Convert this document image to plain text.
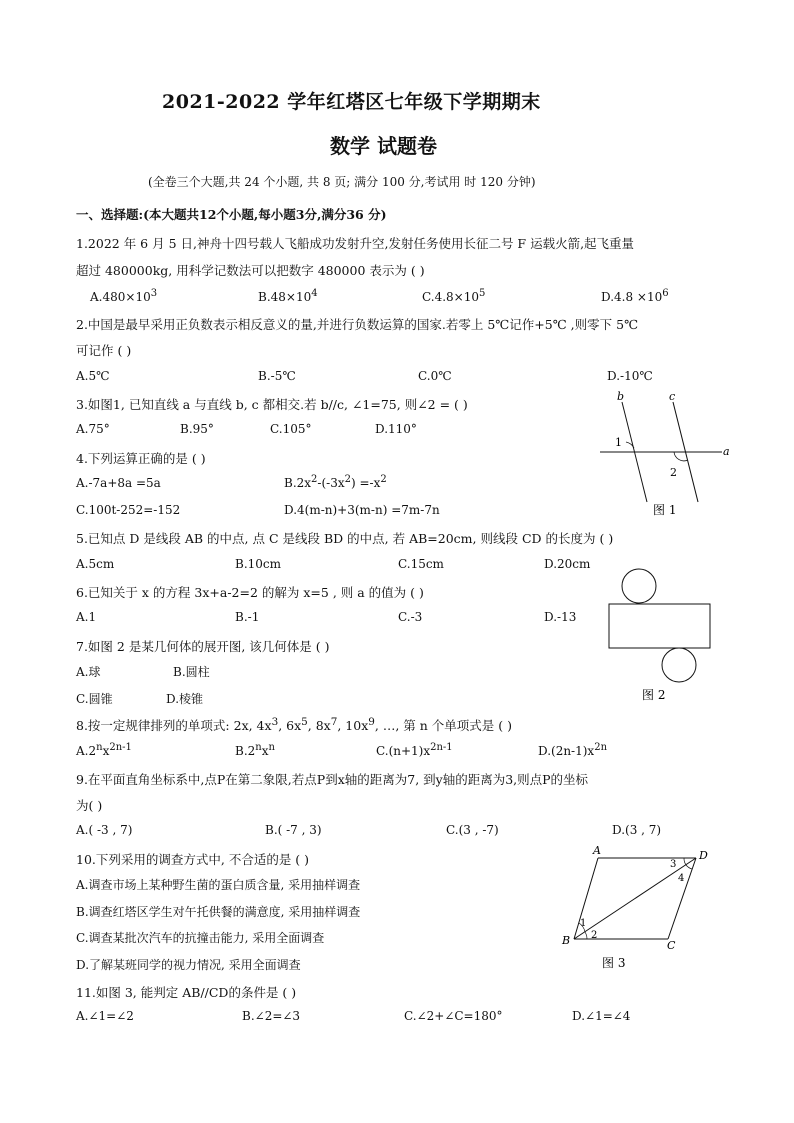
2021-2022 学年红塔区七年级下学期期末
数学 试题卷
(全卷三个大题,共 24 个小题, 共 8 页; 满分 100 分,考试用 时 120 分钟)
一、选择题:(本大题共12个小题,每小题3分,满分36 分)
1.2022 年 6 月 5 日,神舟十四号载人飞船成功发射升空,发射任务使用长征二号 F 运载火箭,起飞重量
超过 480000kg, 用科学记数法可以把数字 480000 表示为 ( )
$A.480\times 10^3$	$B.48\times 10^4$	$C.4.8\times 10^5$	$D.4.8 \times 10^6$
2.中国是最早采用正负数表示相反意义的量,并进行负数运算的国家.若零上 5℃记作+5℃ ,则零下 5℃
可记作 ( )
A.5℃	B.-5℃	C.0℃	D.-10℃
3.如图1, 已知直线 a 与直线 b, c 都相交.若 b//c, ∠1=75, 则∠2 = ( )
A.75°	B.95°	C.105°	D.110°
b	c
a
1
2
图 1
4.下列运算正确的是 ( )
A.-7a+8a =5a	$B.2x^2-(-3x^2) =-x^2$
C.100t-252=-152	D.4(m-n)+3(m-n) =7m-7n
5.已知点 D 是线段 AB 的中点, 点 C 是线段 BD 的中点, 若 AB=20cm, 则线段 CD 的长度为 ( )
A.5cm	B.10cm	C.15cm	D.20cm
6.已知关于 x 的方程 3x+a-2=2 的解为 x=5 , 则 a 的值为 ( )
A.1	B.-1	C.-3	D.-13
图 2
7.如图 2 是某几何体的展开图, 该几何体是 ( )
A.球	B.圆柱
C.圆锥	D.棱锥
8.按一定规律排列的单项式: 2x, $4x^3$, $6x^5$, $8x^7$, $10x^9$, …, 第 n 个单项式是 ( )
$A.2^nx^{2n-1}$	$B.2^nx^n$	$C.(n+1)x^{2n-1}$	$D.(2n-1)x^{2n}$
9.在平面直角坐标系中,点P在第二象限,若点P到x轴的距离为7, 到y轴的距离为3,则点P的坐标
为( )
A.( -3 , 7)	B.( -7 , 3)	C.(3 , -7)	D.(3 , 7)
10.下列采用的调查方式中, 不合适的是 ( )
A.调查市场上某种野生菌的蛋白质含量, 采用抽样调查
B.调查红塔区学生对午托供餐的满意度, 采用抽样调查
C.调查某批次汽车的抗撞击能力, 采用全面调查
D.了解某班同学的视力情况, 采用全面调查
A	D
B	C
1
2
3
4
图 3
11.如图 3, 能判定 AB//CD的条件是 ( )
A.∠1=∠2	B.∠2=∠3	C.∠2+∠C=180°	D.∠1=∠4
